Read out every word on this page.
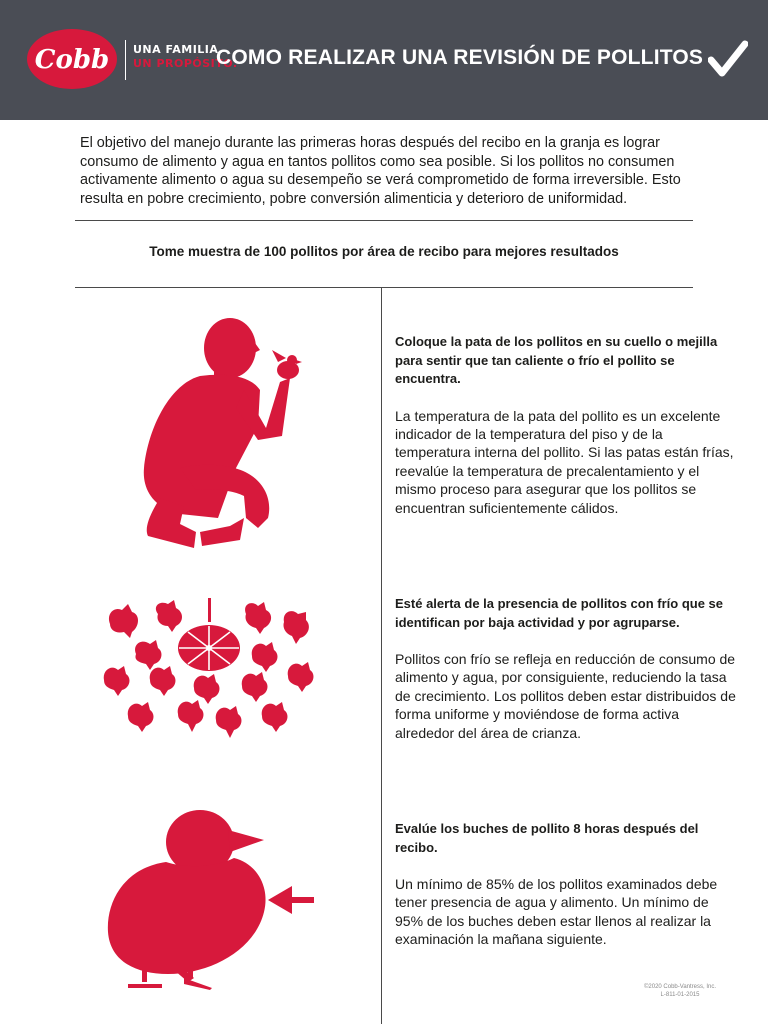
Cobb UNA FAMILIA.
UN PROPÓSITO.
COMO REALIZAR UNA REVISIÓN DE POLLITOS
El objetivo del manejo durante las primeras horas después del recibo en la granja es lograr consumo de alimento y agua en tantos pollitos como sea posible. Si los pollitos no consumen activamente alimento o agua su desempeño se verá comprometido de forma irreversible. Esto resulta en pobre crecimiento, pobre conversión alimenticia y deterioro de uniformidad.
Tome muestra de 100 pollitos por área de recibo para mejores resultados
Coloque la pata de los pollitos en su cuello o mejilla para sentir que tan caliente o frío el pollito se encuentra.
La temperatura de la pata del pollito es un excelente indicador de la temperatura del piso y de la temperatura interna del pollito. Si las patas están frías, reevalúe la temperatura de precalentamiento y el mismo proceso para asegurar que los pollitos se encuentran suficientemente cálidos.
Esté alerta de la presencia de pollitos con frío que se identifican por baja actividad y por agruparse.
Pollitos con frío se refleja en reducción de consumo de alimento y agua, por consiguiente, reduciendo la tasa de crecimiento. Los pollitos deben estar distribuidos de forma uniforme y moviéndose de forma activa alrededor del área de crianza.
Evalúe los buches de pollito 8 horas después del recibo.
Un mínimo de 85% de los pollitos examinados debe tener presencia de agua y alimento. Un mínimo de 95% de los buches deben estar llenos al realizar la examinación la mañana siguiente.
©2020 Cobb-Vantress, Inc.
L-811-01-2015
